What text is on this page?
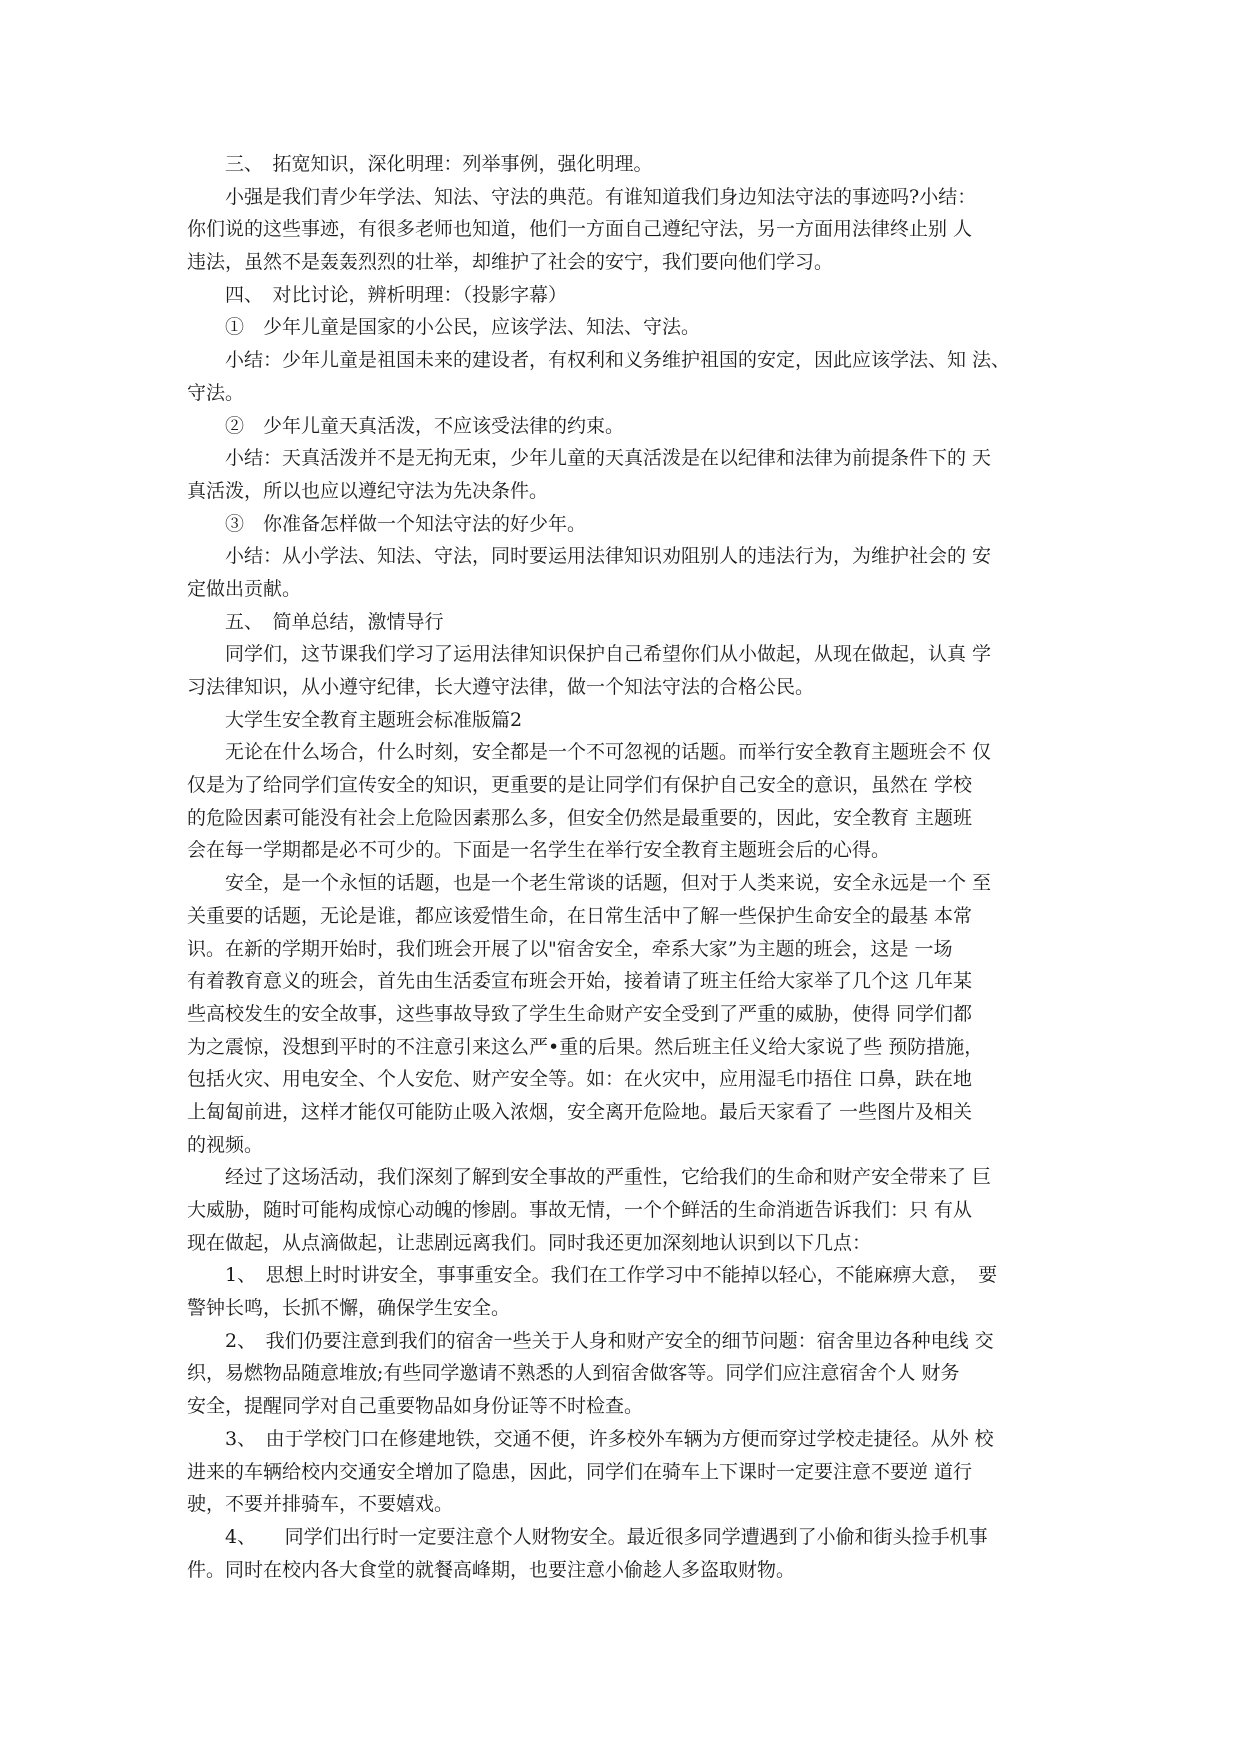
　　三、　拓宽知识，深化明理：列举事例，强化明理。
　　小强是我们青少年学法、知法、守法的典范。有谁知道我们身边知法守法的事迹吗?小结：
你们说的这些事迹，有很多老师也知道，他们一方面自己遵纪守法，另一方面用法律终止别 人
违法，虽然不是轰轰烈烈的壮举，却维护了社会的安宁，我们要向他们学习。
　　四、　对比讨论，辨析明理：（投影字幕）
　　①　少年儿童是国家的小公民，应该学法、知法、守法。
　　小结：少年儿童是祖国未来的建设者，有权利和义务维护祖国的安定，因此应该学法、知 法、
守法。
　　②　少年儿童天真活泼，不应该受法律的约束。
　　小结：天真活泼并不是无拘无束，少年儿童的天真活泼是在以纪律和法律为前提条件下的 天
真活泼，所以也应以遵纪守法为先决条件。
　　③　你准备怎样做一个知法守法的好少年。
　　小结：从小学法、知法、守法，同时要运用法律知识劝阻别人的违法行为，为维护社会的 安
定做出贡献。
　　五、　简单总结，激情导行
　　同学们，这节课我们学习了运用法律知识保护自己希望你们从小做起，从现在做起，认真 学
习法律知识，从小遵守纪律，长大遵守法律，做一个知法守法的合格公民。
　　大学生安全教育主题班会标准版篇2
　　无论在什么场合，什么时刻，安全都是一个不可忽视的话题。而举行安全教育主题班会不 仅
仅是为了给同学们宣传安全的知识，更重要的是让同学们有保护自己安全的意识，虽然在 学校
的危险因素可能没有社会上危险因素那么多，但安全仍然是最重要的，因此，安全教育 主题班
会在每一学期都是必不可少的。下面是一名学生在举行安全教育主题班会后的心得。
　　安全，是一个永恒的话题，也是一个老生常谈的话题，但对于人类来说，安全永远是一个 至
关重要的话题，无论是谁，都应该爱惜生命，在日常生活中了解一些保护生命安全的最基 本常
识。在新的学期开始时，我们班会开展了以"宿舍安全，牵系大家”为主题的班会，这是 一场
有着教育意义的班会，首先由生活委宣布班会开始，接着请了班主任给大家举了几个这 几年某
些高校发生的安全故事，这些事故导致了学生生命财产安全受到了严重的威胁，使得 同学们都
为之震惊，没想到平时的不注意引来这么严•重的后果。然后班主任义给大家说了些 预防措施，
包括火灾、用电安全、个人安危、财产安全等。如：在火灾中，应用湿毛巾捂住 口鼻，趺在地
上匐匐前进，这样才能仅可能防止吸入浓烟，安全离开危险地。最后天家看了 一些图片及相关
的视频。
　　经过了这场活动，我们深刻了解到安全事故的严重性，它给我们的生命和财产安全带来了 巨
大威胁，随时可能构成惊心动魄的惨剧。事故无情，一个个鲜活的生命消逝告诉我们：只 有从
现在做起，从点滴做起，让悲剧远离我们。同时我还更加深刻地认识到以下几点：
　　1、　思想上时时讲安全，事事重安全。我们在工作学习中不能掉以轻心，不能麻痹大意，　要
警钟长鸣，长抓不懈，确保学生安全。
　　2、　我们仍要注意到我们的宿舍一些关于人身和财产安全的细节问题：宿舍里边各种电线 交
织，易燃物品随意堆放;有些同学邀请不熟悉的人到宿舍做客等。同学们应注意宿舍个人 财务
安全，提醒同学对自己重要物品如身份证等不时检查。
　　3、　由于学校门口在修建地铁，交通不便，许多校外车辆为方便而穿过学校走捷径。从外 校
进来的车辆给校内交通安全增加了隐患，因此，同学们在骑车上下课时一定要注意不要逆 道行
驶，不要并排骑车，不要嬉戏。
　　4、　　同学们出行时一定要注意个人财物安全。最近很多同学遭遇到了小偷和街头捡手机事
件。同时在校内各大食堂的就餐高峰期，也要注意小偷趁人多盗取财物。
